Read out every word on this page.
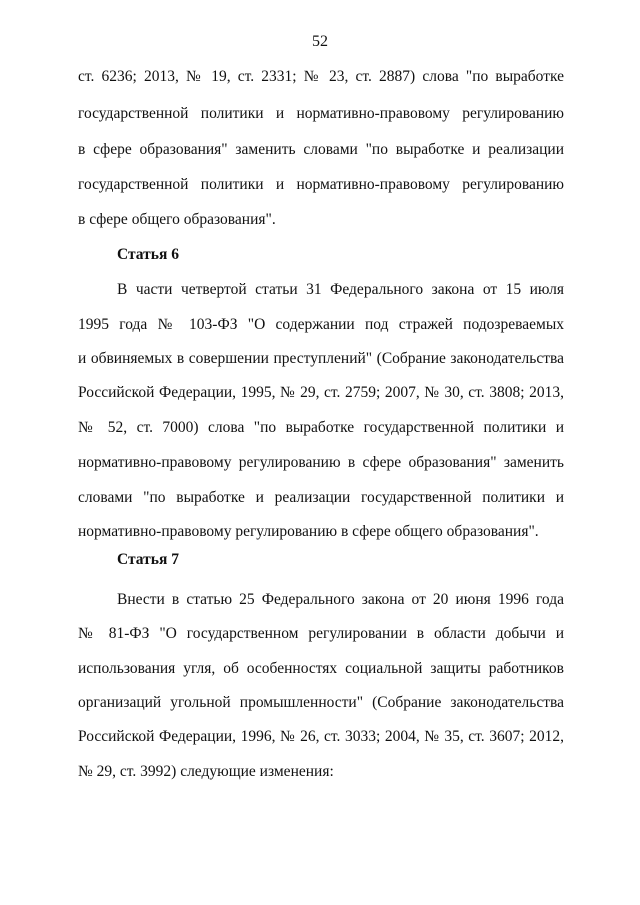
52
ст. 6236; 2013, № 19, ст. 2331; № 23, ст. 2887) слова "по выработке
государственной политики и нормативно-правовому регулированию
в сфере образования" заменить словами "по выработке и реализации
государственной политики и нормативно-правовому регулированию
в сфере общего образования".
Статья 6
В части четвертой статьи 31 Федерального закона от 15 июля
1995 года № 103-ФЗ "О содержании под стражей подозреваемых
и обвиняемых в совершении преступлений" (Собрание законодательства
Российской Федерации, 1995, № 29, ст. 2759; 2007, № 30, ст. 3808; 2013,
№ 52, ст. 7000) слова "по выработке государственной политики и
нормативно-правовому регулированию в сфере образования" заменить
словами "по выработке и реализации государственной политики и
нормативно-правовому регулированию в сфере общего образования".
Статья 7
Внести в статью 25 Федерального закона от 20 июня 1996 года
№ 81-ФЗ "О государственном регулировании в области добычи и
использования угля, об особенностях социальной защиты работников
организаций угольной промышленности" (Собрание законодательства
Российской Федерации, 1996, № 26, ст. 3033; 2004, № 35, ст. 3607; 2012,
№ 29, ст. 3992) следующие изменения:
